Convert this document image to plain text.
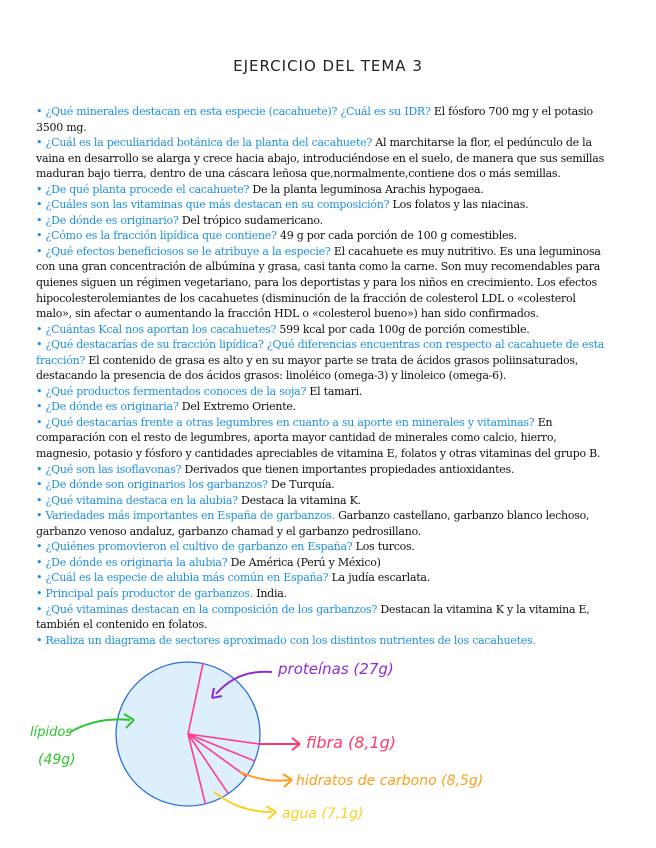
EJERCICIO DEL TEMA 3

• ¿Qué minerales destacan en esta especie (cacahuete)? ¿Cuál es su IDR? El fósforo 700 mg y el potasio 3500 mg.

• ¿Cuál es la peculiaridad botánica de la planta del cacahuete? Al marchitarse la flor, el pedúnculo de la vaina en desarrollo se alarga y crece hacia abajo, introduciéndose en el suelo, de manera que sus semillas maduran bajo tierra, dentro de una cáscara leñosa que,normalmente,contiene dos o más semillas.

• ¿De qué planta procede el cacahuete? De la planta leguminosa Arachis hypogaea.

• ¿Cuáles son las vitaminas que más destacan en su composición? Los folatos y las niacinas.

• ¿De dónde es originario? Del trópico sudamericano.

• ¿Cómo es la fracción lipídica que contiene? 49 g por cada porción de 100 g comestibles.

• ¿Qué efectos beneficiosos se le atribuye a la especie? El cacahuete es muy nutritivo. Es una leguminosa con una gran concentración de albúmina y grasa, casi tanta como la carne. Son muy recomendables para quienes siguen un régimen vegetariano, para los deportistas y para los niños en crecimiento. Los efectos hipocolesterolemiantes de los cacahuetes (disminución de la fracción de colesterol LDL o «colesterol malo», sin afectar o aumentando la fracción HDL o «colesterol bueno») han sido confirmados.

• ¿Cuántas Kcal nos aportan los cacahuetes? 599 kcal por cada 100g de porción comestible.

• ¿Qué destacarías de su fracción lipídica? ¿Qué diferencias encuentras con respecto al cacahuete de esta fracción? El contenido de grasa es alto y en su mayor parte se trata de ácidos grasos poliinsaturados, destacando la presencia de dos ácidos grasos: linoléico (omega-3) y linoleico (omega-6).

• ¿Qué productos fermentados conoces de la soja? El tamari.

• ¿De dónde es originaria? Del Extremo Oriente.

• ¿Qué destacarías frente a otras legumbres en cuanto a su aporte en minerales y vitaminas? En comparación con el resto de legumbres, aporta mayor cantidad de minerales como calcio, hierro, magnesio, potasio y fósforo y cantidades apreciables de vitamina E, folatos y otras vitaminas del grupo B.

• ¿Qué son las isoflavonas? Derivados que tienen importantes propiedades antioxidantes.

• ¿De dónde son originarios los garbanzos? De Turquía.

• ¿Qué vitamina destaca en la alubia? Destaca la vitamina K.

• Variedades más importantes en España de garbanzos. Garbanzo castellano, garbanzo blanco lechoso, garbanzo venoso andaluz, garbanzo chamad y el garbanzo pedrosillano.

• ¿Quiénes promovieron el cultivo de garbanzo en España? Los turcos.

• ¿De dónde es originaria la alubia? De América (Perú y México)

• ¿Cuál es la especie de alubia más común en España? La judía escarlata.

• Principal país productor de garbanzos. India.

• ¿Qué vitaminas destacan en la composición de los garbanzos? Destacan la vitamina K y la vitamina E, también el contenido en folatos.

• Realiza un diagrama de sectores aproximado con los distintos nutrientes de los cacahuetes.

proteínas (27g)
lípidos
(49g)
fibra (8,1g)
hidratos de carbono (8,5g)
agua (7,1g)
